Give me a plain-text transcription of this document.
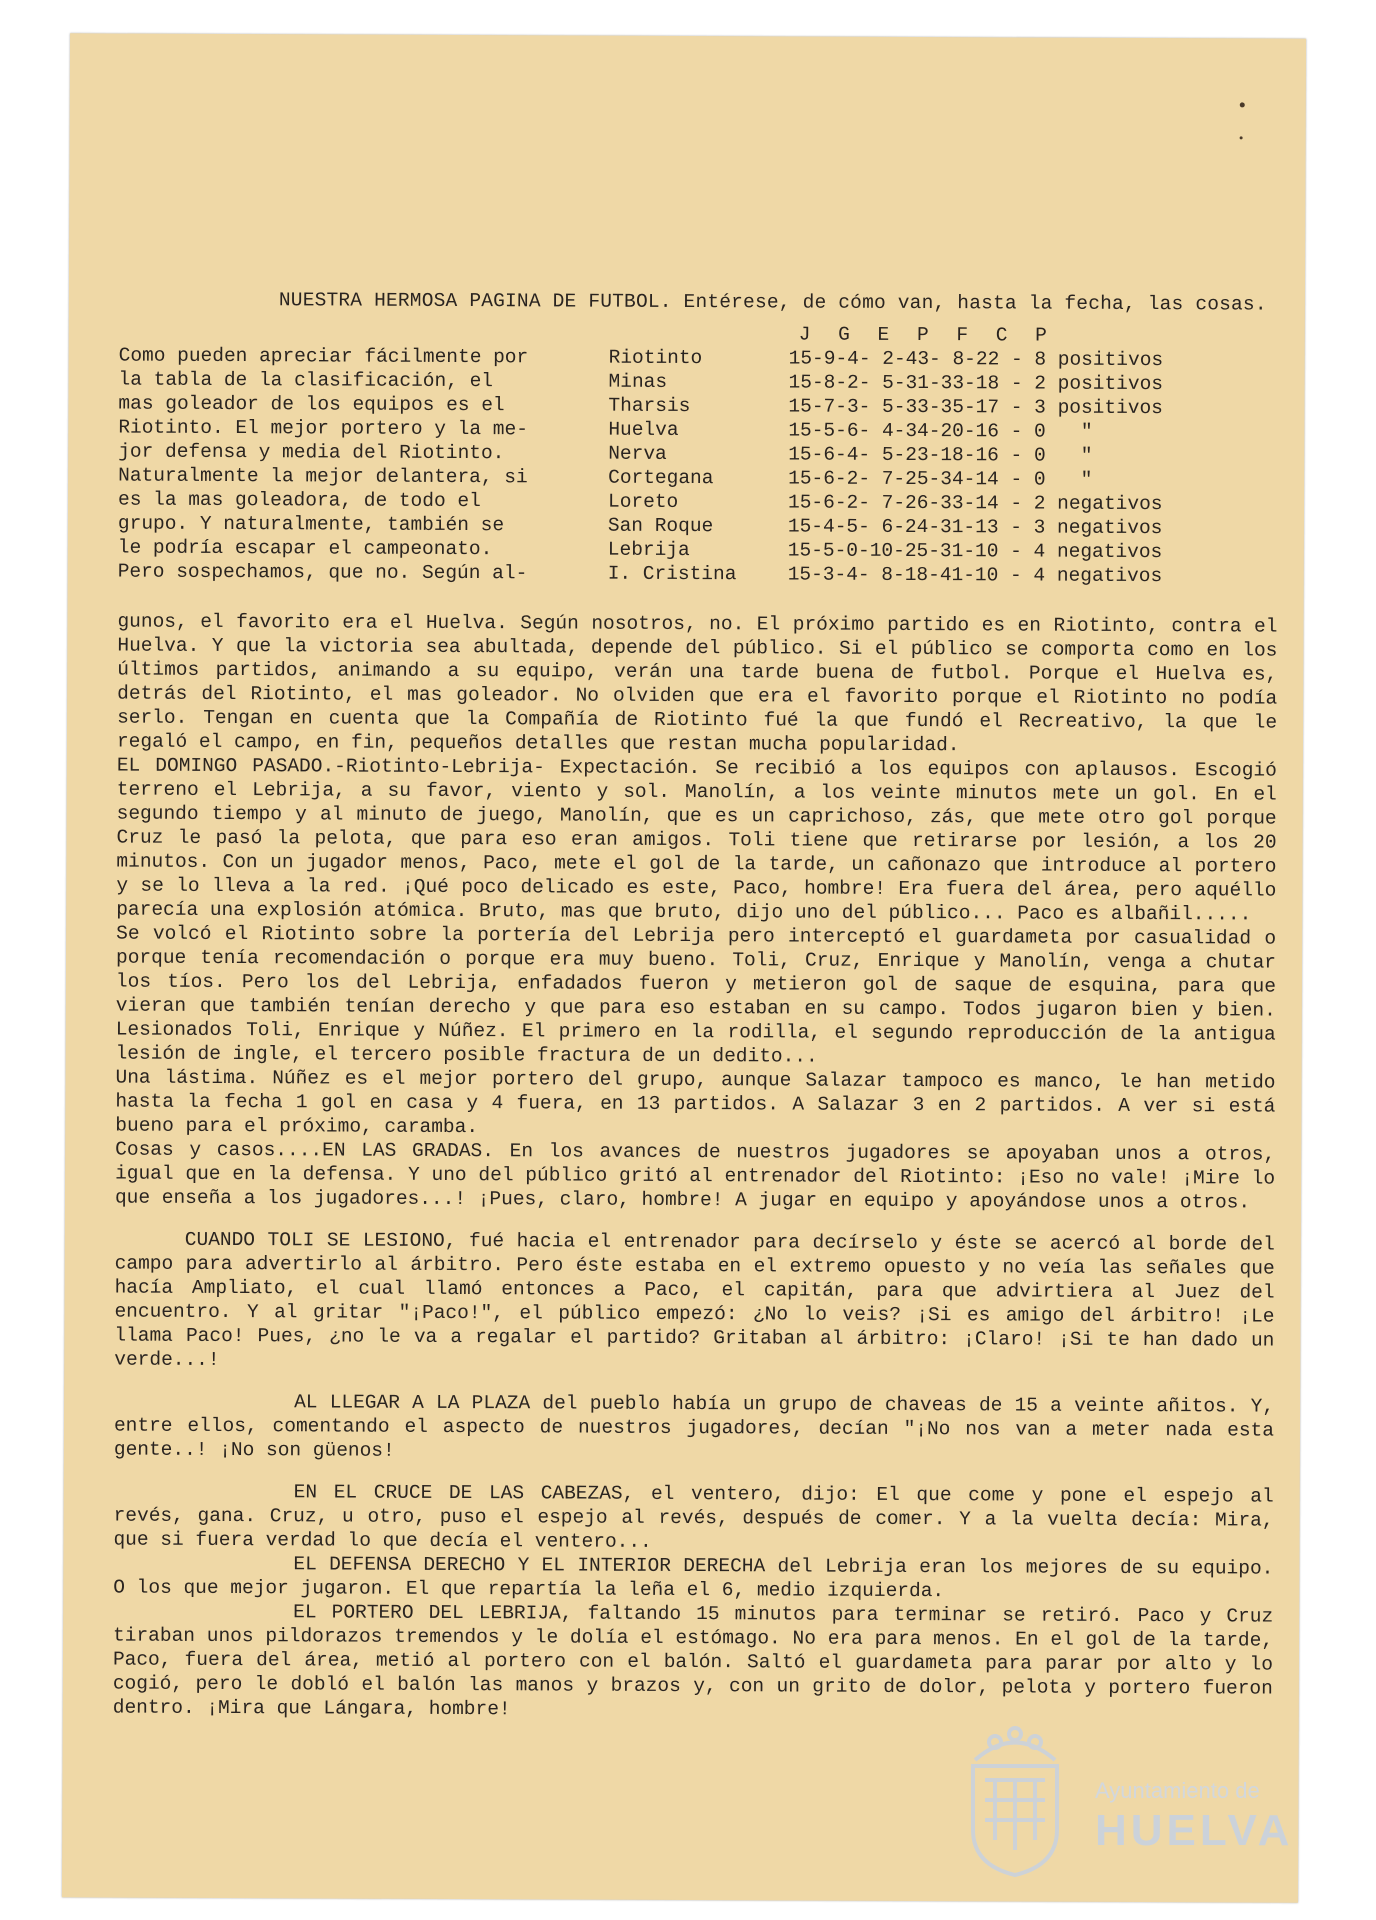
NUESTRA HERMOSA PAGINA DE FUTBOL. Entérese, de cómo van, hasta la fecha, las cosas.
J G E P F C P
Como pueden apreciar fácilmente por
la tabla de la clasificación, el
mas goleador de los equipos es el
Riotinto. El mejor portero y la me-
jor defensa y media del Riotinto.
Naturalmente la mejor delantera, si
es la mas goleadora, de todo el
grupo. Y naturalmente, también se
le podría escapar el campeonato.
Pero sospechamos, que no. Según al-
Riotinto
Minas
Tharsis
Huelva
Nerva
Cortegana
Loreto
San Roque
Lebrija
I. Cristina
15-9-4- 2-43- 8-22 - 8 positivos
15-8-2- 5-31-33-18 - 2 positivos
15-7-3- 5-33-35-17 - 3 positivos
15-5-6- 4-34-20-16 - 0   "
15-6-4- 5-23-18-16 - 0   "
15-6-2- 7-25-34-14 - 0   "
15-6-2- 7-26-33-14 - 2 negativos
15-4-5- 6-24-31-13 - 3 negativos
15-5-0-10-25-31-10 - 4 negativos
15-3-4- 8-18-41-10 - 4 negativos

gunos, el favorito era el Huelva. Según nosotros, no. El próximo partido es en Riotinto, contra el Huelva. Y que la victoria sea abultada, depende del público. Si el público se comporta como en los últimos partidos, animando a su equipo, verán una tarde buena de futbol. Porque el Huelva es, detrás del Riotinto, el mas goleador. No olviden que era el favorito porque el Riotinto no podía serlo. Tengan en cuenta que la Compañía de Riotinto fué la que fundó el Recreativo, la que le regaló el campo, en fin, pequeños detalles que restan mucha popularidad.

EL DOMINGO PASADO.-Riotinto-Lebrija- Expectación. Se recibió a los equipos con aplausos. Escogió terreno el Lebrija, a su favor, viento y sol. Manolín, a los veinte minutos mete un gol. En el segundo tiempo y al minuto de juego, Manolín, que es un caprichoso, zás, que mete otro gol porque Cruz le pasó la pelota, que para eso eran amigos. Toli tiene que retirarse por lesión, a los 20 minutos. Con un jugador menos, Paco, mete el gol de la tarde, un cañonazo que introduce al portero y se lo lleva a la red. ¡Qué poco delicado es este, Paco, hombre! Era fuera del área, pero aquéllo parecía una explosión atómica. Bruto, mas que bruto, dijo uno del público... Paco es albañil.....

Se volcó el Riotinto sobre la portería del Lebrija pero interceptó el guardameta por casualidad o porque tenía recomendación o porque era muy bueno. Toli, Cruz, Enrique y Manolín, venga a chutar los tíos. Pero los del Lebrija, enfadados fueron y metieron gol de saque de esquina, para que vieran que también tenían derecho y que para eso estaban en su campo. Todos jugaron bien y bien. Lesionados Toli, Enrique y Núñez. El primero en la rodilla, el segundo reproducción de la antigua lesión de ingle, el tercero posible fractura de un dedito...

Una lástima. Núñez es el mejor portero del grupo, aunque Salazar tampoco es manco, le han metido hasta la fecha 1 gol en casa y 4 fuera, en 13 partidos. A Salazar 3 en 2 partidos. A ver si está bueno para el próximo, caramba.

Cosas y casos....EN LAS GRADAS. En los avances de nuestros jugadores se apoyaban unos a otros, igual que en la defensa. Y uno del público gritó al entrenador del Riotinto: ¡Eso no vale! ¡Mire lo que enseña a los jugadores...! ¡Pues, claro, hombre! A jugar en equipo y apoyándose unos a otros.

CUANDO TOLI SE LESIONO, fué hacia el entrenador para decírselo y éste se acercó al borde del campo para advertirlo al árbitro. Pero éste estaba en el extremo opuesto y no veía las señales que hacía Ampliato, el cual llamó entonces a Paco, el capitán, para que advirtiera al Juez del encuentro. Y al gritar "¡Paco!", el público empezó: ¿No lo veis? ¡Si es amigo del árbitro! ¡Le llama Paco! Pues, ¿no le va a regalar el partido? Gritaban al árbitro: ¡Claro! ¡Si te han dado un verde...!

AL LLEGAR A LA PLAZA del pueblo había un grupo de chaveas de 15 a veinte añitos. Y, entre ellos, comentando el aspecto de nuestros jugadores, decían "¡No nos van a meter nada esta gente..! ¡No son güenos!

EN EL CRUCE DE LAS CABEZAS, el ventero, dijo: El que come y pone el espejo al revés, gana. Cruz, u otro, puso el espejo al revés, después de comer. Y a la vuelta decía: Mira, que si fuera verdad lo que decía el ventero...

EL DEFENSA DERECHO Y EL INTERIOR DERECHA del Lebrija eran los mejores de su equipo. O los que mejor jugaron. El que repartía la leña el 6, medio izquierda.

EL PORTERO DEL LEBRIJA, faltando 15 minutos para terminar se retiró. Paco y Cruz tiraban unos pildorazos tremendos y le dolía el estómago. No era para menos. En el gol de la tarde, Paco, fuera del área, metió al portero con el balón. Saltó el guardameta para parar por alto y lo cogió, pero le dobló el balón las manos y brazos y, con un grito de dolor, pelota y portero fueron dentro. ¡Mira que Lángara, hombre!

Ayuntamiento de
HUELVA
